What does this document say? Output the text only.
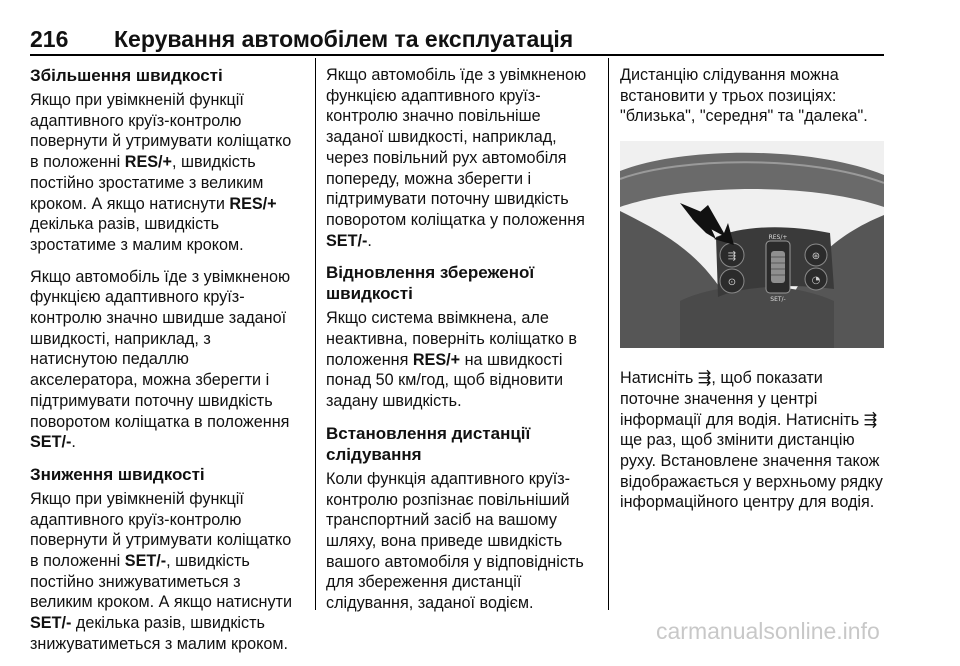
216 Керування автомобілем та експлуатація
Збільшення швидкості

Якщо при увімкненій функції
адаптивного круїз-контролю
повернути й утримувати коліщатко
в положенні RES/+, швидкість
постійно зростатиме з великим
кроком. А якщо натиснути RES/+
декілька разів, швидкість
зростатиме з малим кроком.

Якщо автомобіль їде з увімкненою
функцією адаптивного круїз-
контролю значно швидше заданої
швидкості, наприклад, з
натиснутою педаллю
акселератора, можна зберегти і
підтримувати поточну швидкість
поворотом коліщатка в положення
SET/-.

Зниження швидкості

Якщо при увімкненій функції
адаптивного круїз-контролю
повернути й утримувати коліщатко
в положенні SET/-, швидкість
постійно знижуватиметься з
великим кроком. А якщо натиснути
SET/- декілька разів, швидкість
знижуватиметься з малим кроком.

Якщо автомобіль їде з увімкненою
функцією адаптивного круїз-
контролю значно повільніше
заданої швидкості, наприклад,
через повільний рух автомобіля
попереду, можна зберегти і
підтримувати поточну швидкість
поворотом коліщатка у положення
SET/-.

Відновлення збереженої
швидкості

Якщо система ввімкнена, але
неактивна, поверніть коліщатко в
положення RES/+ на швидкості
понад 50 км/год, щоб відновити
задану швидкість.

Встановлення дистанції
слідування

Коли функція адаптивного круїз-
контролю розпізнає повільніший
транспортний засіб на вашому
шляху, вона приведе швидкість
вашого автомобіля у відповідність
для збереження дистанції
слідування, заданої водієм.

Дистанцію слідування можна
встановити у трьох позиціях:
"близька", "середня" та "далека".

⇶
⊙
RES/+
SET/-
⊛
◔

Натисніть ⇶, щоб показати
поточне значення у центрі
інформації для водія. Натисніть ⇶
ще раз, щоб змінити дистанцію
руху. Встановлене значення також
відображається у верхньому рядку
інформаційного центру для водія.

carmanualsonline.info
